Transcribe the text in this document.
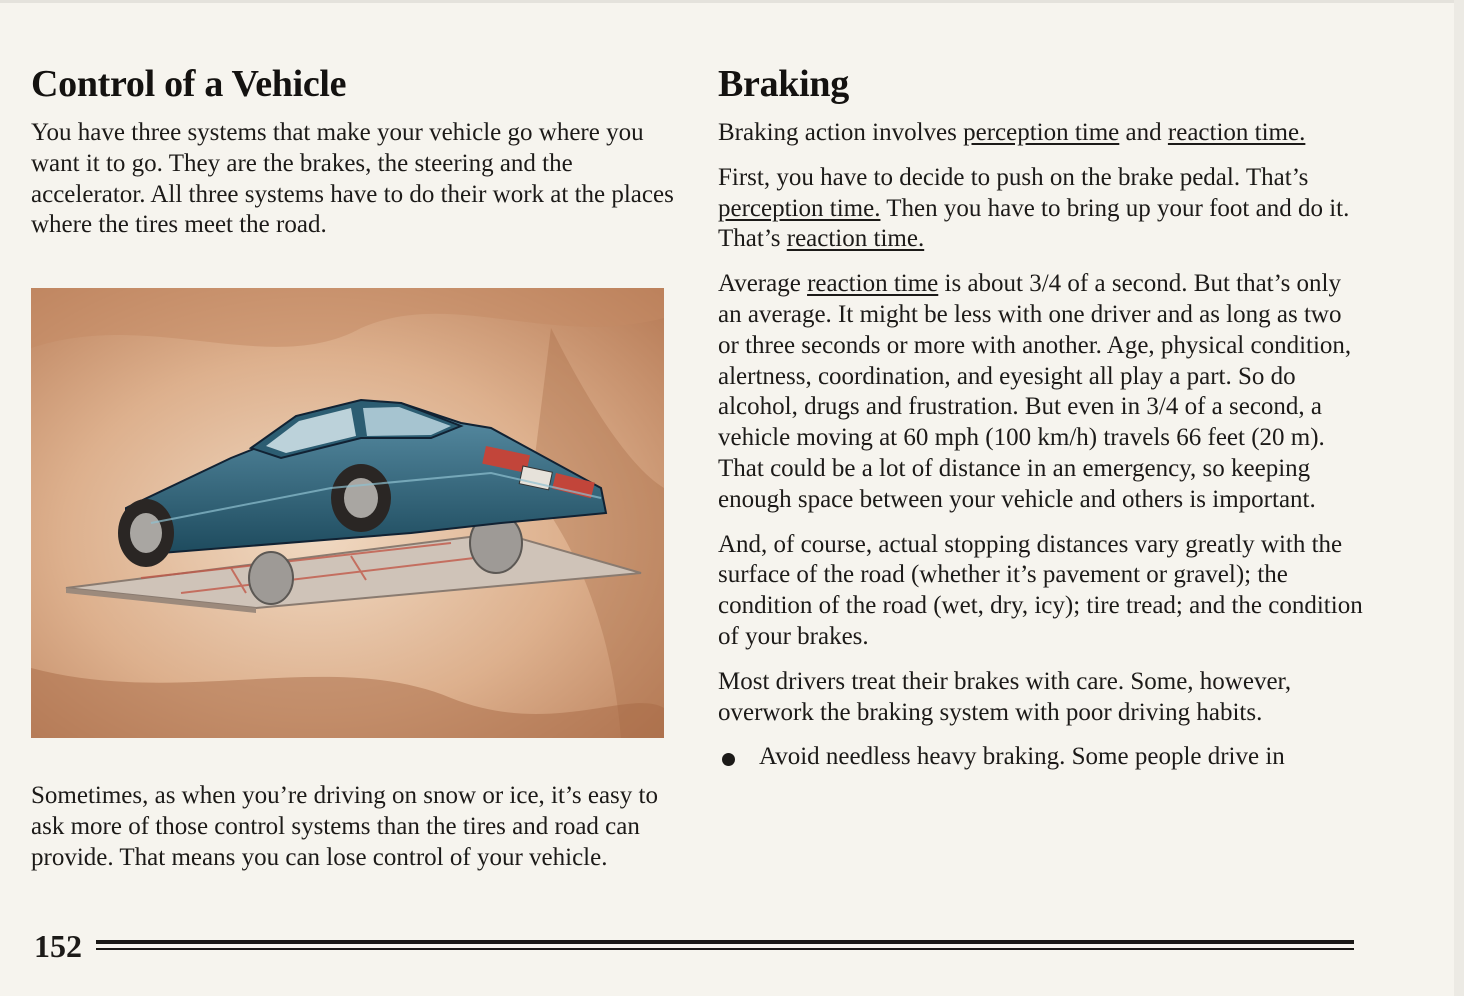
Control of a Vehicle

You have three systems that make your vehicle go where you want it to go. They are the brakes, the steering and the accelerator. All three systems have to do their work at the places where the tires meet the road.

Sometimes, as when you’re driving on snow or ice, it’s easy to ask more of those control systems than the tires and road can provide. That means you can lose control of your vehicle.

Braking

Braking action involves perception time and reaction time.

First, you have to decide to push on the brake pedal. That’s perception time. Then you have to bring up your foot and do it. That’s reaction time.

Average reaction time is about 3/4 of a second. But that’s only an average. It might be less with one driver and as long as two or three seconds or more with another. Age, physical condition, alertness, coordination, and eyesight all play a part. So do alcohol, drugs and frustration. But even in 3/4 of a second, a vehicle moving at 60 mph (100 km/h) travels 66 feet (20 m). That could be a lot of distance in an emergency, so keeping enough space between your vehicle and others is important.

And, of course, actual stopping distances vary greatly with the surface of the road (whether it’s pavement or gravel); the condition of the road (wet, dry, icy); tire tread; and the condition of your brakes.

Most drivers treat their brakes with care. Some, however, overwork the braking system with poor driving habits.

Avoid needless heavy braking. Some people drive in
152
